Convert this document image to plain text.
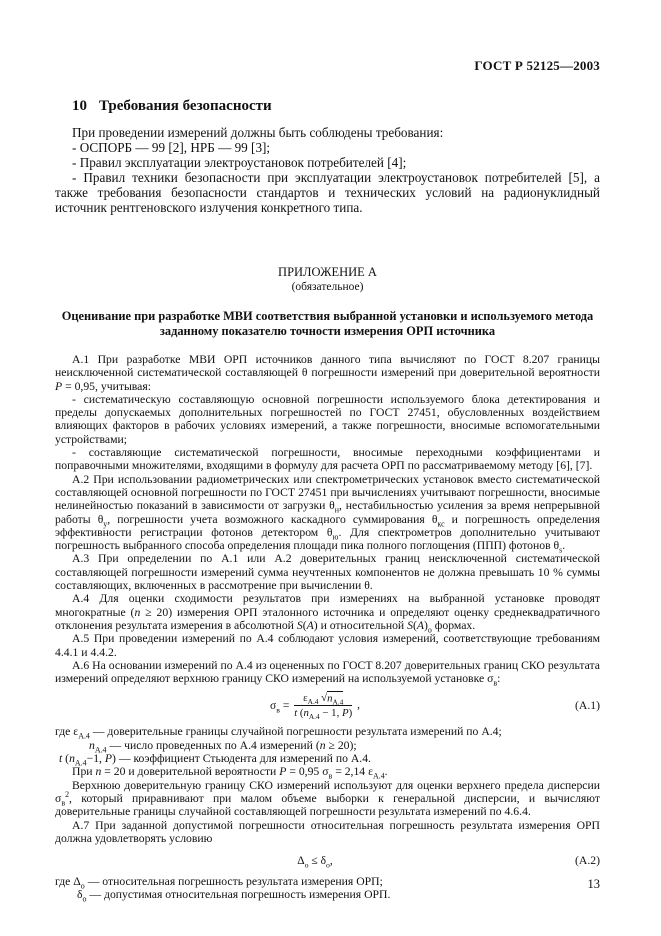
ГОСТ Р 52125—2003
10 Требования безопасности

При проведении измерений должны быть соблюдены требования:

- ОСПОРБ — 99 [2], НРБ — 99 [3];

- Правил эксплуатации электроустановок потребителей [4];

- Правил техники безопасности при эксплуатации электроустановок потребителей [5], а также требования безопасности стандартов и технических условий на радионуклидный источник рентгеновского излучения конкретного типа.

ПРИЛОЖЕНИЕ А
(обязательное)
Оценивание при разработке МВИ соответствия выбранной установки и используемого метода заданному показателю точности измерения ОРП источника

А.1 При разработке МВИ ОРП источников данного типа вычисляют по ГОСТ 8.207 границы неисключенной систематической составляющей θ погрешности измерений при доверительной вероятности P = 0,95, учитывая:

- систематическую составляющую основной погрешности используемого блока детектирования и пределы допускаемых дополнительных погрешностей по ГОСТ 27451, обусловленных воздействием влияющих факторов в рабочих условиях измерений, а также погрешности, вносимые вспомогательными устройствами;

- составляющие систематической погрешности, вносимые переходными коэффициентами и поправочными множителями, входящими в формулу для расчета ОРП по рассматриваемому методу [6], [7].

А.2 При использовании радиометрических или спектрометрических установок вместо систематической составляющей основной погрешности по ГОСТ 27451 при вычислениях учитывают погрешности, вносимые нелинейностью показаний в зависимости от загрузки $\theta_н$, нестабильностью усиления за время непрерывной работы $\theta_у$, погрешности учета возможного каскадного суммирования $\theta_{кс}$ и погрешность определения эффективности регистрации фотонов детектором $\theta_ю$. Для спектрометров дополнительно учитывают погрешность выбранного способа определения площади пика полного поглощения (ППП) фотонов $\theta_s$.

А.3 При определении по А.1 или А.2 доверительных границ неисключенной систематической составляющей погрешности измерений сумма неучтенных компонентов не должна превышать 10 % суммы составляющих, включенных в рассмотрение при вычислении θ.

А.4 Для оценки сходимости результатов при измерениях на выбранной установке проводят многократные (n ≥ 20) измерения ОРП эталонного источника и определяют оценку среднеквадратичного отклонения результата измерения в абсолютной S(A) и относительной $S(A)_о$ формах.

А.5 При проведении измерений по А.4 соблюдают условия измерений, соответствующие требованиям 4.4.1 и 4.4.2.

А.6 На основании измерений по А.4 из оцененных по ГОСТ 8.207 доверительных границ СКО результата измерений определяют верхнюю границу СКО измерений на используемой установке $\sigma_в$:

$\sigma_в = \frac{\varepsilon_{А.4} √n_{А.4}}{t (n_{А.4} - 1, P)}$ ,	(А.1)

где $\varepsilon_{А.4}$ — доверительные границы случайной погрешности результата измерений по А.4;

$n_{А.4}$ — число проведенных по А.4 измерений (n ≥ 20);

t ($n_{А.4}-1$, P) — коэффициент Стьюдента для измерений по А.4.

При n = 20 и доверительной вероятности P = 0,95 $\sigma_в = 2,14$ $\varepsilon_{А.4}$.

Верхнюю доверительную границу СКО измерений используют для оценки верхнего предела дисперсии $\sigma_в^2$, который приравнивают при малом объеме выборки к генеральной дисперсии, и вычисляют доверительные границы случайной составляющей погрешности результата измерений по 4.6.4.

А.7 При заданной допустимой погрешности относительная погрешность результата измерения ОРП должна удовлетворять условию

$\Delta_о \le \delta_о$,	(А.2)

где $\Delta_о$ — относительная погрешность результата измерения ОРП;

$\delta_о$ — допустимая относительная погрешность измерения ОРП.

13
